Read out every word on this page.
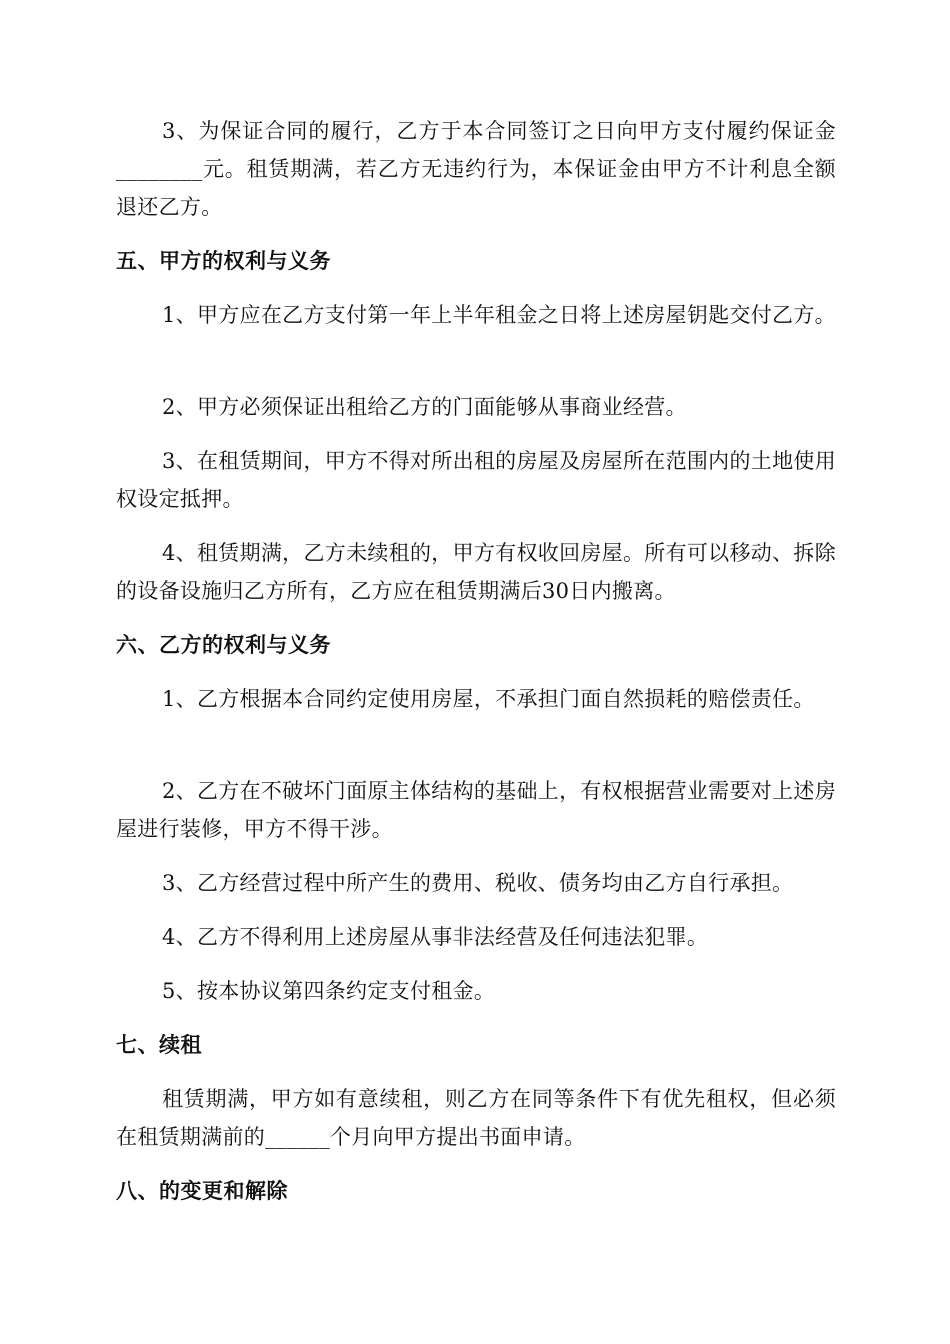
3、为保证合同的履行，乙方于本合同签订之日向甲方支付履约保证金________元。租赁期满，若乙方无违约行为，本保证金由甲方不计利息全额退还乙方。
五、甲方的权利与义务
1、甲方应在乙方支付第一年上半年租金之日将上述房屋钥匙交付乙方。
2、甲方必须保证出租给乙方的门面能够从事商业经营。
3、在租赁期间，甲方不得对所出租的房屋及房屋所在范围内的土地使用权设定抵押。
4、租赁期满，乙方未续租的，甲方有权收回房屋。所有可以移动、拆除的设备设施归乙方所有，乙方应在租赁期满后30日内搬离。
六、乙方的权利与义务
1、乙方根据本合同约定使用房屋，不承担门面自然损耗的赔偿责任。
2、乙方在不破坏门面原主体结构的基础上，有权根据营业需要对上述房屋进行装修，甲方不得干涉。
3、乙方经营过程中所产生的费用、税收、债务均由乙方自行承担。
4、乙方不得利用上述房屋从事非法经营及任何违法犯罪。
5、按本协议第四条约定支付租金。
七、续租
租赁期满，甲方如有意续租，则乙方在同等条件下有优先租权，但必须在租赁期满前的______个月向甲方提出书面申请。
八、的变更和解除
